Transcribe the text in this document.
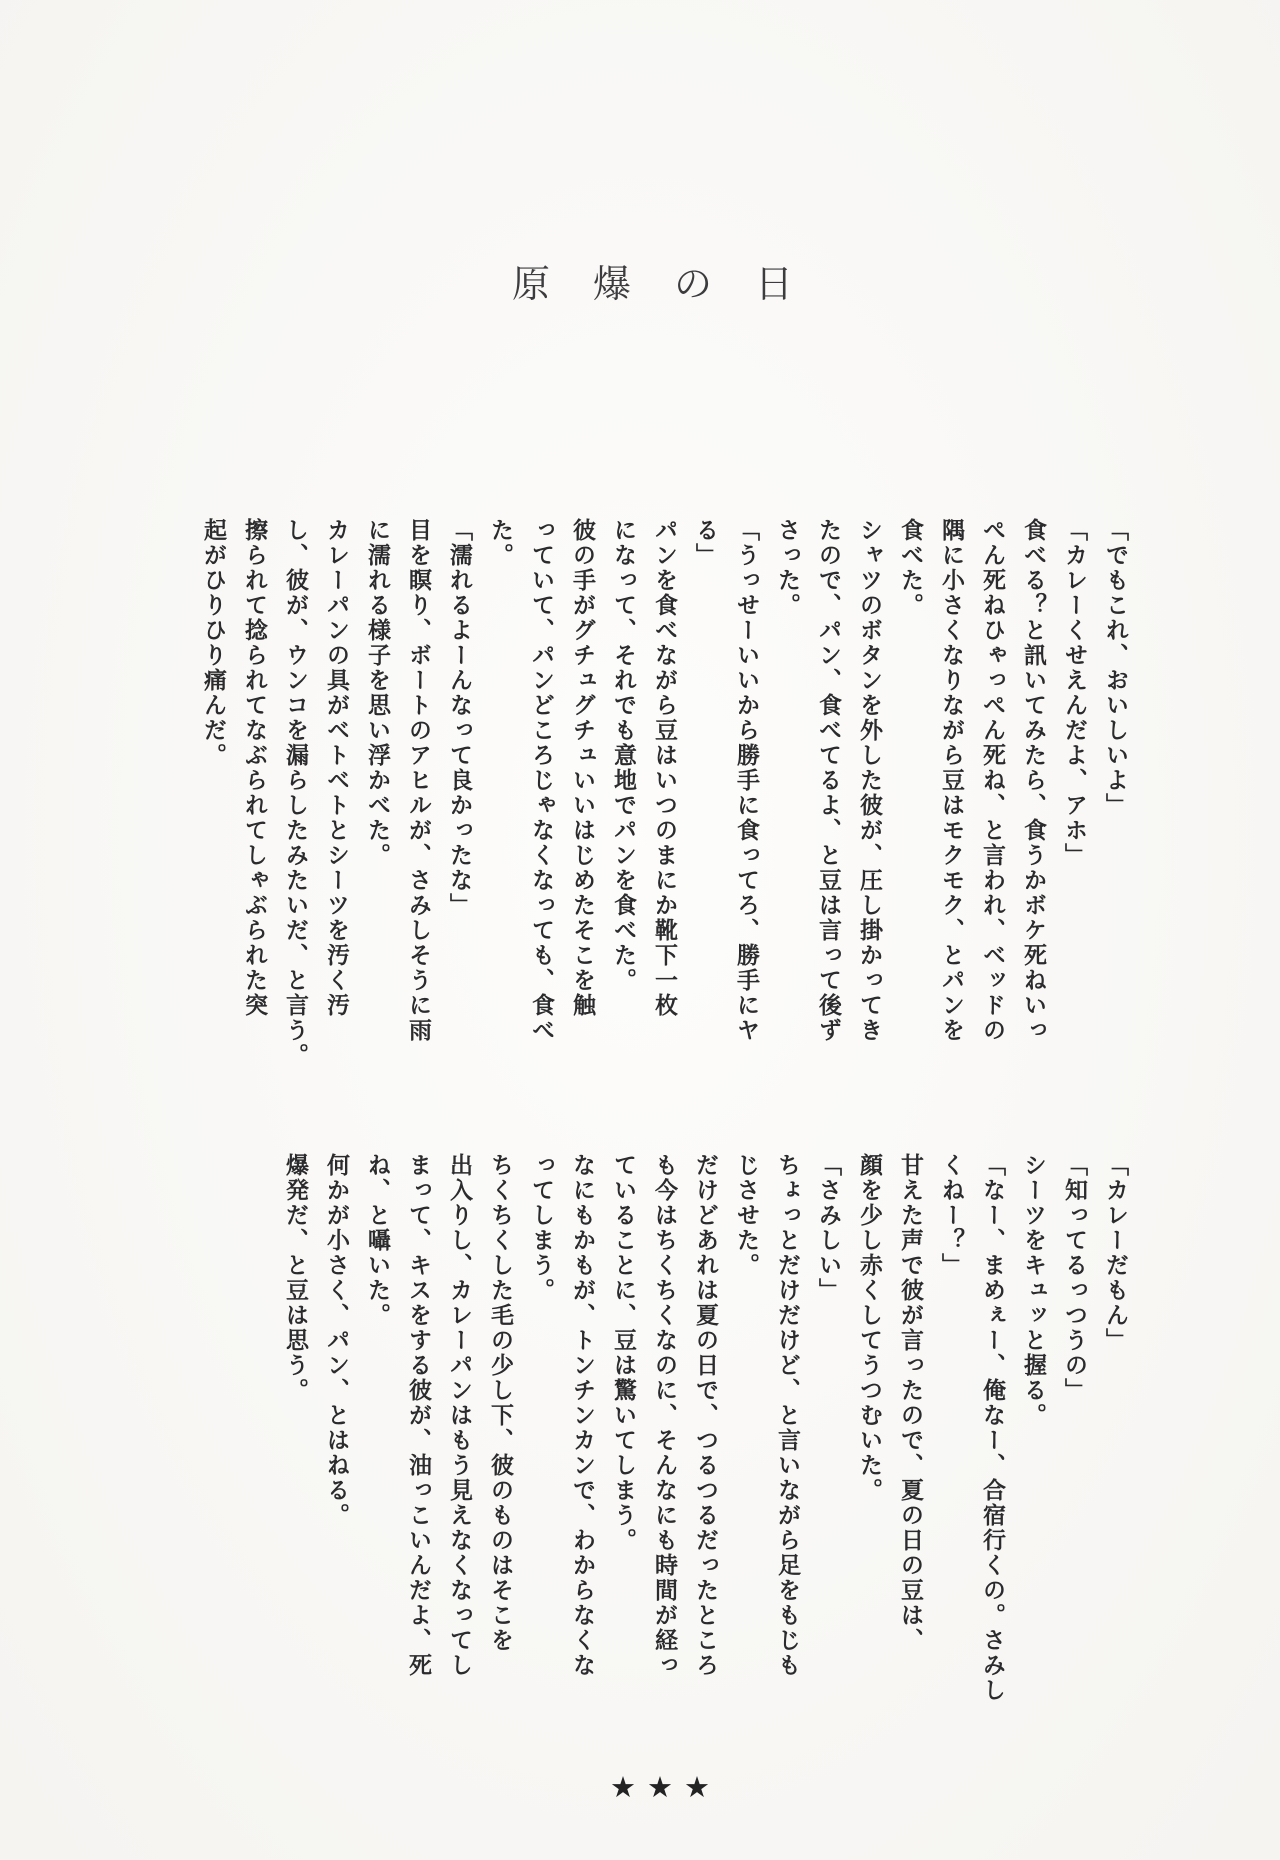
原爆の日

「でもこれ、おいしいよ」

「カレーくせえんだよ、アホ」

食べる？と訊いてみたら、食うかボケ死ねいっ

ぺん死ねひゃっぺん死ね、と言われ、ベッドの

隅に小さくなりながら豆はモクモク、とパンを

食べた。

シャツのボタンを外した彼が、圧し掛かってき

たので、パン、食べてるよ、と豆は言って後ず

さった。

「うっせーいいから勝手に食ってろ、勝手にヤ

る」

パンを食べながら豆はいつのまにか靴下一枚

になって、それでも意地でパンを食べた。

彼の手がグチュグチュいいはじめたそこを触

っていて、パンどころじゃなくなっても、食べ

た。

「濡れるよーんなって良かったな」

目を瞑り、ボートのアヒルが、さみしそうに雨

に濡れる様子を思い浮かべた。

カレーパンの具がベトベトとシーツを汚く汚

し、彼が、ウンコを漏らしたみたいだ、と言う。

擦られて捻られてなぶられてしゃぶられた突

起がひりひり痛んだ。

「カレーだもん」

「知ってるっつうの」

シーツをキュッと握る。

「なー、まめぇー、俺なー、合宿行くの。さみし

くねー？」

甘えた声で彼が言ったので、夏の日の豆は、

顔を少し赤くしてうつむいた。

「さみしい」

ちょっとだけだけど、と言いながら足をもじも

じさせた。

だけどあれは夏の日で、つるつるだったところ

も今はちくちくなのに、そんなにも時間が経っ

ていることに、豆は驚いてしまう。

なにもかもが、トンチンカンで、わからなくな

ってしまう。

ちくちくした毛の少し下、彼のものはそこを

出入りし、カレーパンはもう見えなくなってし

まって、キスをする彼が、油っこいんだよ、死

ね、と囁いた。

何かが小さく、パン、とはねる。

爆発だ、と豆は思う。

★★★
